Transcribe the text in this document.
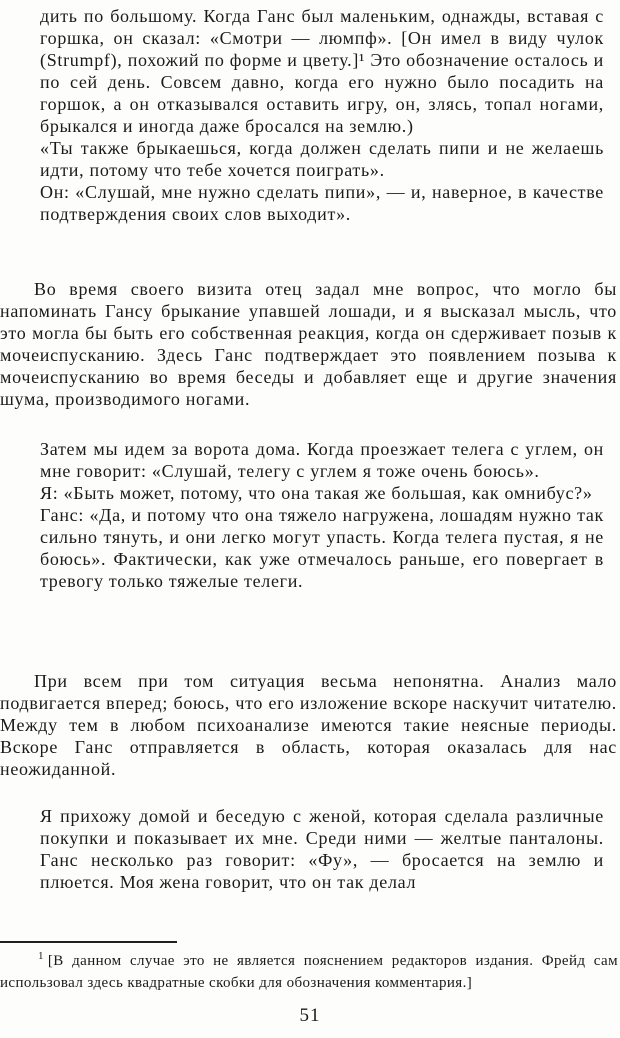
дить по большому. Когда Ганс был маленьким, однажды, вставая с горшка, он сказал: «Смотри — люмпф». [Он имел в виду чулок (Strumpf), похожий по форме и цвету.]¹ Это обозначение осталось и по сей день. Совсем давно, когда его нужно было посадить на горшок, а он отказывался оставить игру, он, злясь, топал ногами, брыкался и иногда даже бросался на землю.)

«Ты также брыкаешься, когда должен сделать пипи и не желаешь идти, потому что тебе хочется поиграть».

Он: «Слушай, мне нужно сделать пипи», — и, наверное, в качестве подтверждения своих слов выходит».

Во время своего визита отец задал мне вопрос, что могло бы напоминать Гансу брыкание упавшей лошади, и я высказал мысль, что это могла бы быть его собственная реакция, когда он сдерживает позыв к мочеиспусканию. Здесь Ганс подтверждает это появлением позыва к мочеиспусканию во время беседы и добавляет еще и другие значения шума, производимого ногами.

Затем мы идем за ворота дома. Когда проезжает телега с углем, он мне говорит: «Слушай, телегу с углем я тоже очень боюсь».

Я: «Быть может, потому, что она такая же большая, как омнибус?»

Ганс: «Да, и потому что она тяжело нагружена, лошадям нужно так сильно тянуть, и они легко могут упасть. Когда телега пустая, я не боюсь». Фактически, как уже отмечалось раньше, его повергает в тревогу только тяжелые телеги.

При всем при том ситуация весьма непонятна. Анализ мало подвигается вперед; боюсь, что его изложение вскоре наскучит читателю. Между тем в любом психоанализе имеются такие неясные периоды. Вскоре Ганс отправляется в область, которая оказалась для нас неожиданной.

Я прихожу домой и беседую с женой, которая сделала различные покупки и показывает их мне. Среди ними — желтые панталоны. Ганс несколько раз говорит: «Фу», — бросается на землю и плюется. Моя жена говорит, что он так делал

$^1$ [В данном случае это не является пояснением редакторов издания. Фрейд сам использовал здесь квадратные скобки для обозначения комментария.]

51
